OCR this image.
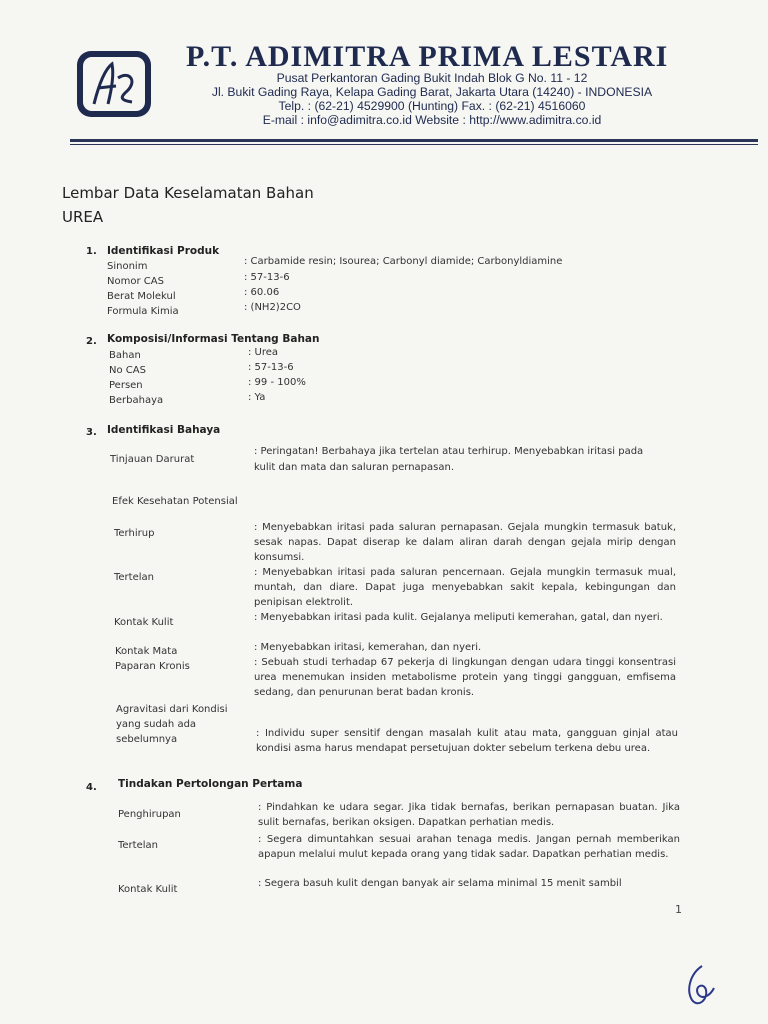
P.T. ADIMITRA PRIMA LESTARI
Pusat Perkantoran Gading Bukit Indah Blok G No. 11 - 12
Jl. Bukit Gading Raya, Kelapa Gading Barat, Jakarta Utara (14240) - INDONESIA
Telp. : (62-21) 4529900 (Hunting) Fax. : (62-21) 4516060
E-mail : info@adimitra.co.id Website : http://www.adimitra.co.id
Lembar Data Keselamatan Bahan
UREA
1. Identifikasi Produk
Sinonim	: Carbamide resin; Isourea; Carbonyl diamide; Carbonyldiamine
Nomor CAS	: 57-13-6
Berat Molekul	: 60.06
Formula Kimia	: (NH2)2CO
2. Komposisi/Informasi Tentang Bahan
Bahan	: Urea
No CAS	: 57-13-6
Persen	: 99 - 100%
Berbahaya	: Ya
3. Identifikasi Bahaya
Tinjauan Darurat
: Peringatan! Berbahaya jika tertelan atau terhirup. Menyebabkan iritasi pada
kulit dan mata dan saluran pernapasan.
Efek Kesehatan Potensial
Terhirup
: Menyebabkan iritasi pada saluran pernapasan. Gejala mungkin termasuk batuk, sesak napas. Dapat diserap ke dalam aliran darah dengan gejala mirip dengan konsumsi.
Tertelan	: Menyebabkan iritasi pada saluran pencernaan. Gejala mungkin termasuk mual, muntah, dan diare. Dapat juga menyebabkan sakit kepala, kebingungan dan penipisan elektrolit.
Kontak Kulit	: Menyebabkan iritasi pada kulit. Gejalanya meliputi kemerahan, gatal, dan nyeri.
Kontak Mata	: Menyebabkan iritasi, kemerahan, dan nyeri.
Paparan Kronis	: Sebuah studi terhadap 67 pekerja di lingkungan dengan udara tinggi konsentrasi urea menemukan insiden metabolisme protein yang tinggi gangguan, emfisema sedang, dan penurunan berat badan kronis.
Agravitasi dari Kondisi
yang sudah ada
sebelumnya
: Individu super sensitif dengan masalah kulit atau mata, gangguan ginjal atau kondisi asma harus mendapat persetujuan dokter sebelum terkena debu urea.
4. Tindakan Pertolongan Pertama
Penghirupan
: Pindahkan ke udara segar. Jika tidak bernafas, berikan pernapasan buatan. Jika sulit bernafas, berikan oksigen. Dapatkan perhatian medis.
Tertelan
: Segera dimuntahkan sesuai arahan tenaga medis. Jangan pernah memberikan apapun melalui mulut kepada orang yang tidak sadar. Dapatkan perhatian medis.
Kontak Kulit
: Segera basuh kulit dengan banyak air selama minimal 15 menit sambil
1
